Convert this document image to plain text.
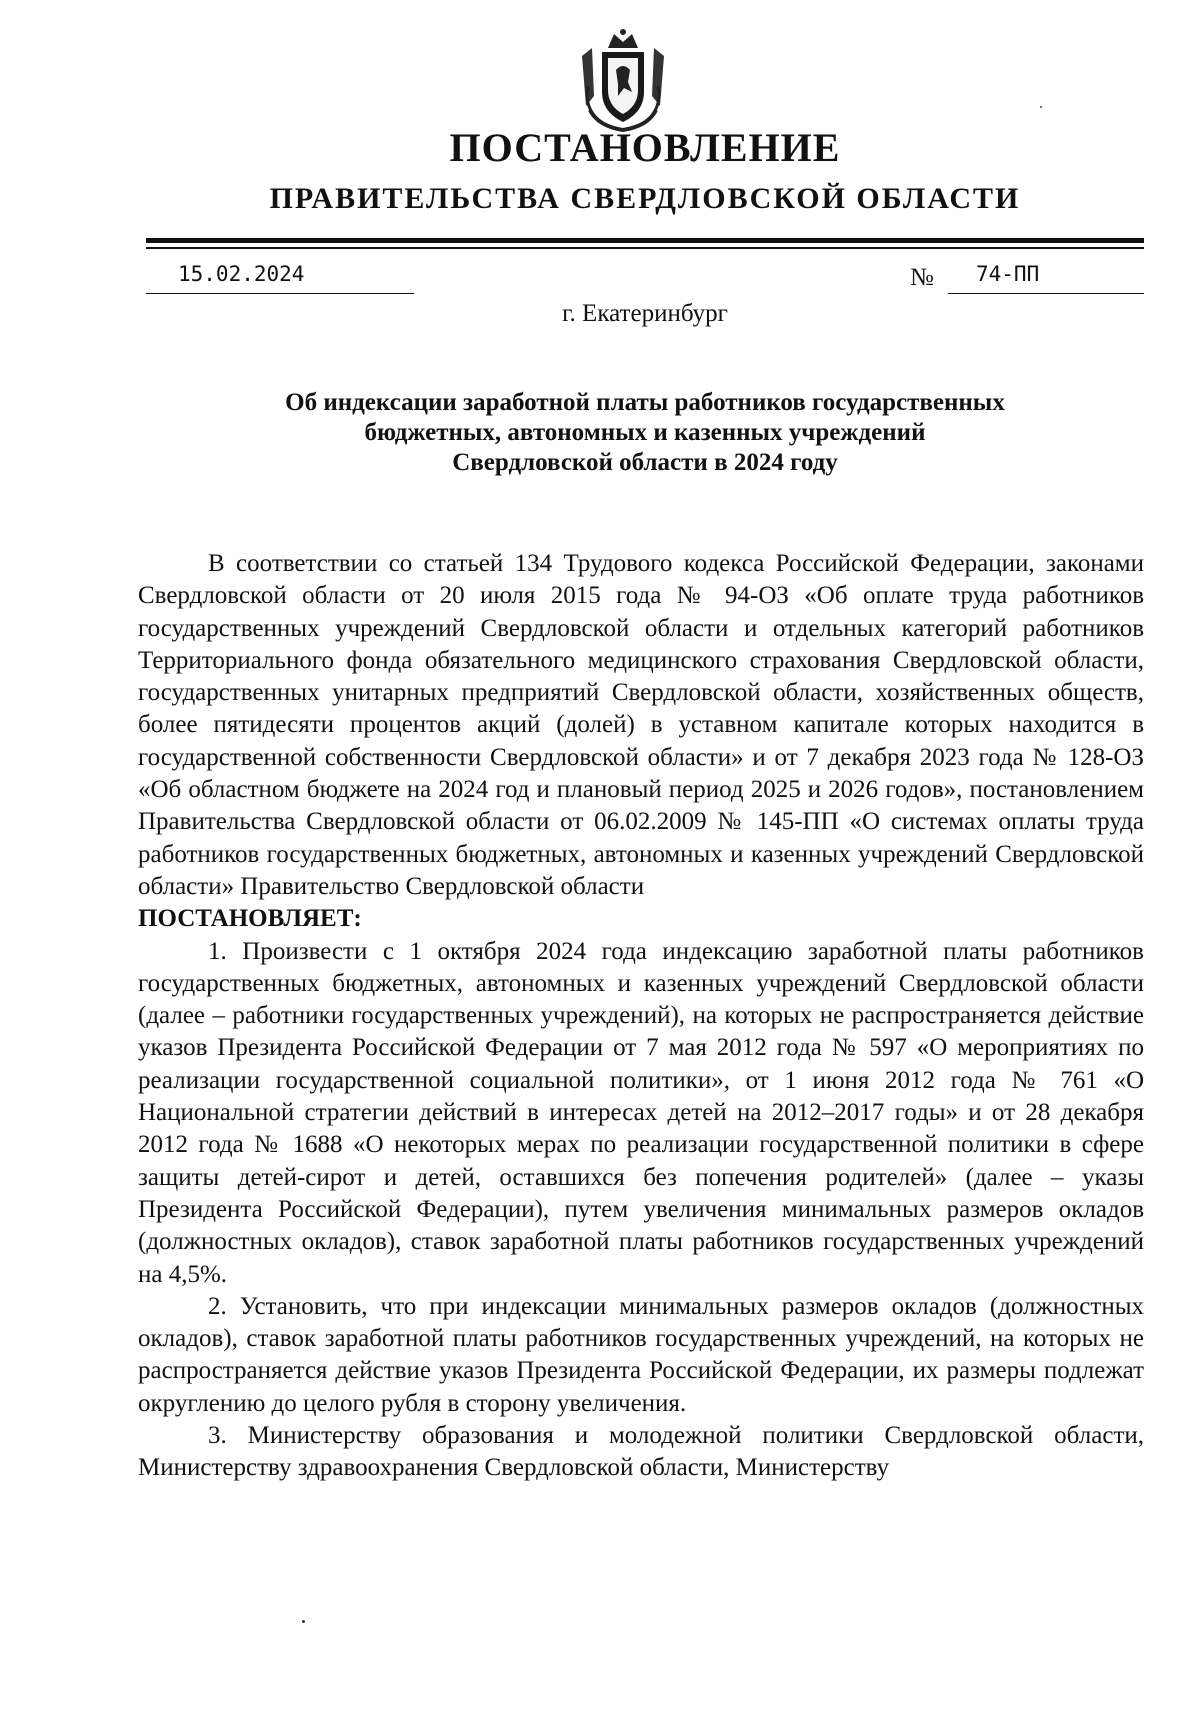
ПОСТАНОВЛЕНИЕ
ПРАВИТЕЛЬСТВА СВЕРДЛОВСКОЙ ОБЛАСТИ
15.02.2024	№	74-ПП
г. Екатеринбург
Об индексации заработной платы работников государственных
бюджетных, автономных и казенных учреждений
Свердловской области в 2024 году

В соответствии со статьей 134 Трудового кодекса Российской Федерации, законами Свердловской области от 20 июля 2015 года № 94-ОЗ «Об оплате труда работников государственных учреждений Свердловской области и отдельных категорий работников Территориального фонда обязательного медицинского страхования Свердловской области, государственных унитарных предприятий Свердловской области, хозяйственных обществ, более пятидесяти процентов акций (долей) в уставном капитале которых находится в государственной собственности Свердловской области» и от 7 декабря 2023 года № 128-ОЗ «Об областном бюджете на 2024 год и плановый период 2025 и 2026 годов», постановлением Правительства Свердловской области от 06.02.2009 № 145-ПП «О системах оплаты труда работников государственных бюджетных, автономных и казенных учреждений Свердловской области» Правительство Свердловской области

ПОСТАНОВЛЯЕТ:

1. Произвести с 1 октября 2024 года индексацию заработной платы работников государственных бюджетных, автономных и казенных учреждений Свердловской области (далее – работники государственных учреждений), на которых не распространяется действие указов Президента Российской Федерации от 7 мая 2012 года № 597 «О мероприятиях по реализации государственной социальной политики», от 1 июня 2012 года № 761 «О Национальной стратегии действий в интересах детей на 2012–2017 годы» и от 28 декабря 2012 года № 1688 «О некоторых мерах по реализации государственной политики в сфере защиты детей-сирот и детей, оставшихся без попечения родителей» (далее – указы Президента Российской Федерации), путем увеличения минимальных размеров окладов (должностных окладов), ставок заработной платы работников государственных учреждений на 4,5%.

2. Установить, что при индексации минимальных размеров окладов (должностных окладов), ставок заработной платы работников государственных учреждений, на которых не распространяется действие указов Президента Российской Федерации, их размеры подлежат округлению до целого рубля в сторону увеличения.

3. Министерству образования и молодежной политики Свердловской области, Министерству здравоохранения Свердловской области, Министерству
